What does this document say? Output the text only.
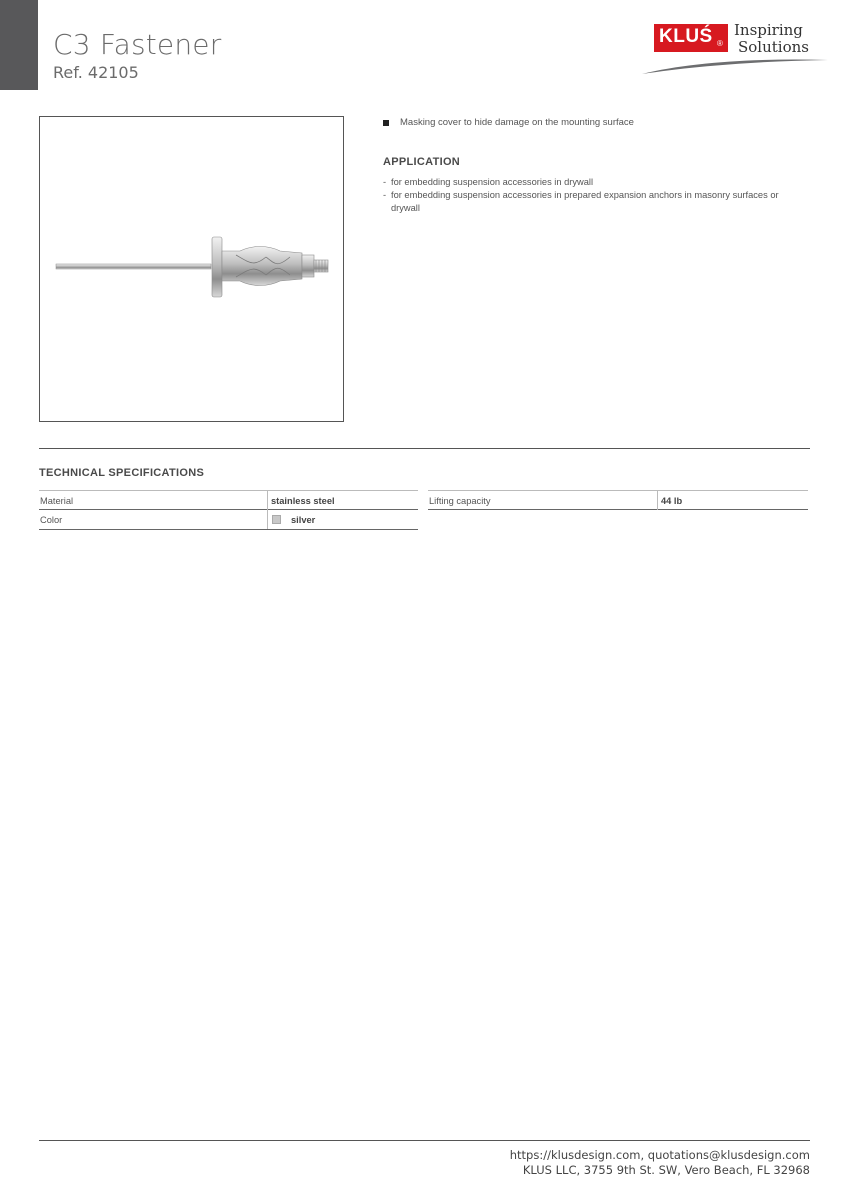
C3 Fastener
Ref. 42105
KLUŚ ®
Inspiring
Solutions
Masking cover to hide damage on the mounting surface
APPLICATION
- for embedding suspension accessories in drywall
- for embedding suspension accessories in prepared expansion anchors in masonry surfaces or drywall
TECHNICAL SPECIFICATIONS
Material	stainless steel
Color	silver
Lifting capacity	44 lb
https://klusdesign.com, quotations@klusdesign.com
KLUS LLC, 3755 9th St. SW, Vero Beach, FL 32968
